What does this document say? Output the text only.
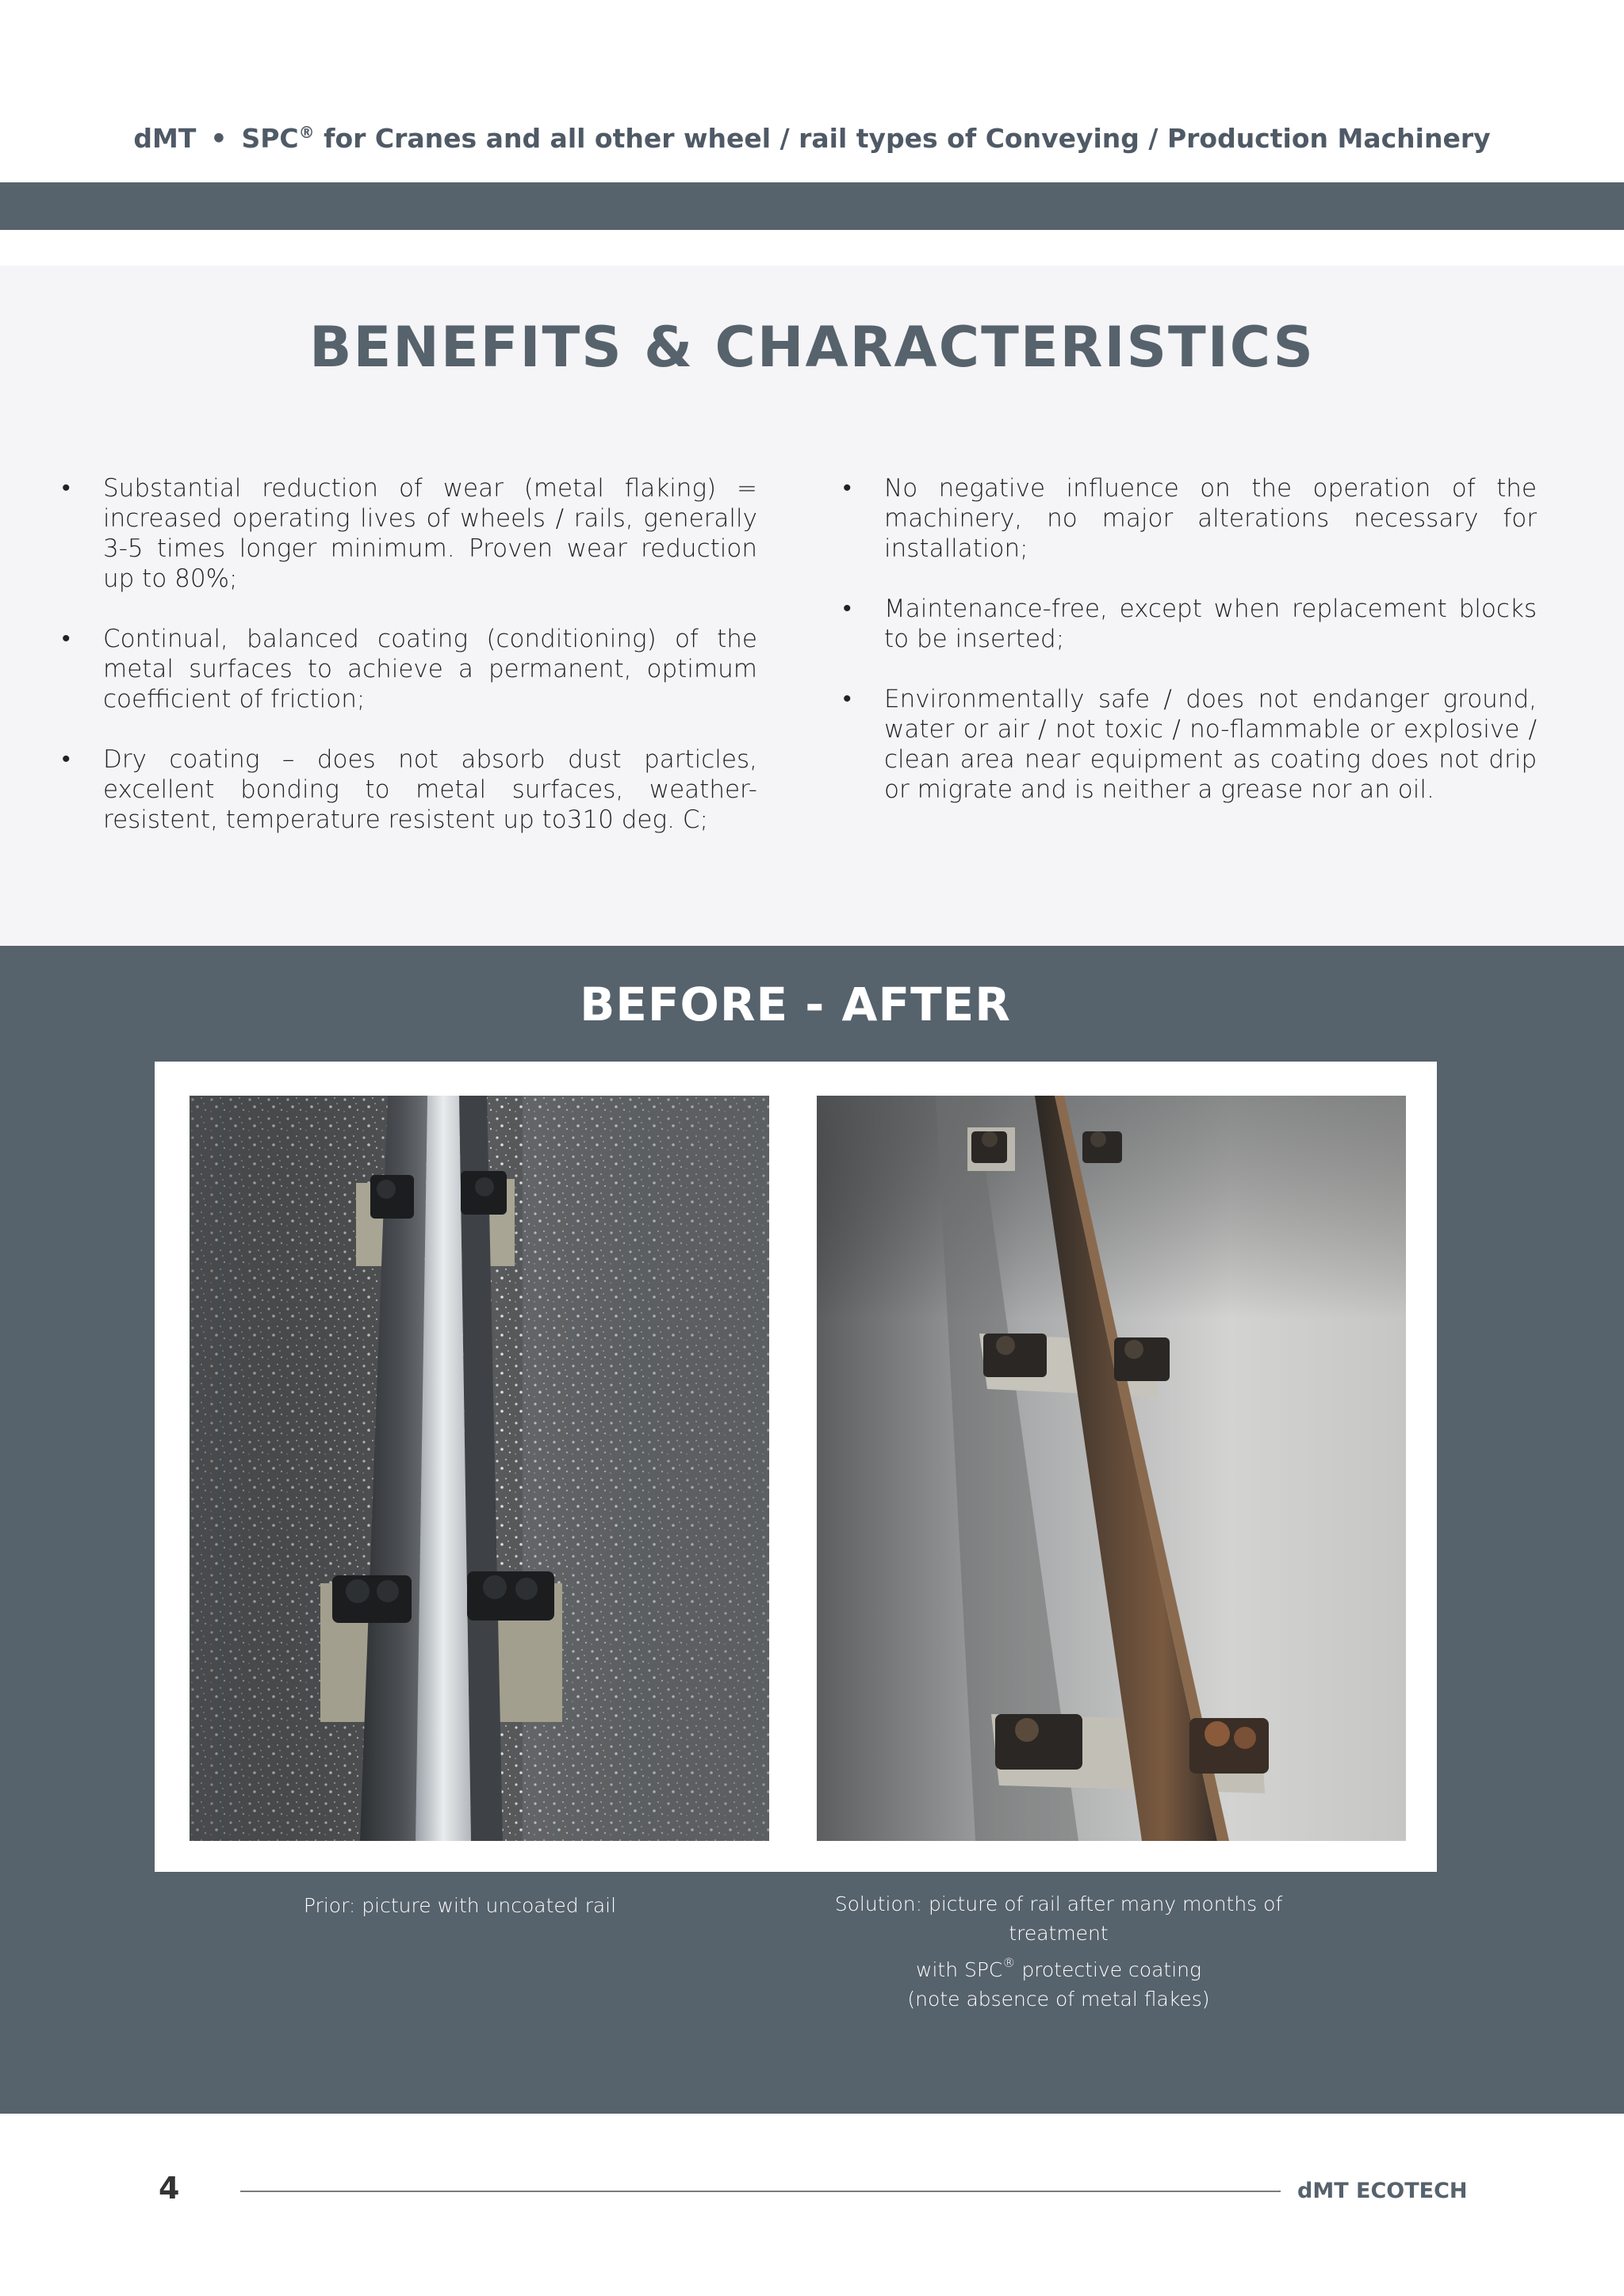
dMT • SPC® for Cranes and all other wheel / rail types of Conveying / Production Machinery
BENEFITS & CHARACTERISTICS
• Substantial reduction of wear (metal flaking) = increased operating lives of wheels / rails, generally 3-5 times longer minimum. Proven wear reduction up to 80%;
• Continual, balanced coating (conditioning) of the metal surfaces to achieve a permanent, optimum coefficient of friction;
• Dry coating – does not absorb dust particles, excellent bonding to metal surfaces, weather-resistent, temperature resistent up to310 deg. C;
• No negative influence on the operation of the machinery, no major alterations necessary for installation;
• Maintenance-free, except when replacement blocks to be inserted;
• Environmentally safe / does not endanger ground, water or air / not toxic / no-flammable or explosive / clean area near equipment as coating does not drip or migrate and is neither a grease nor an oil.
BEFORE - AFTER
Prior: picture with uncoated rail	Solution: picture of rail after many months of treatment
with SPC® protective coating
(note absence of metal flakes)
4	dMT ECOTECH
